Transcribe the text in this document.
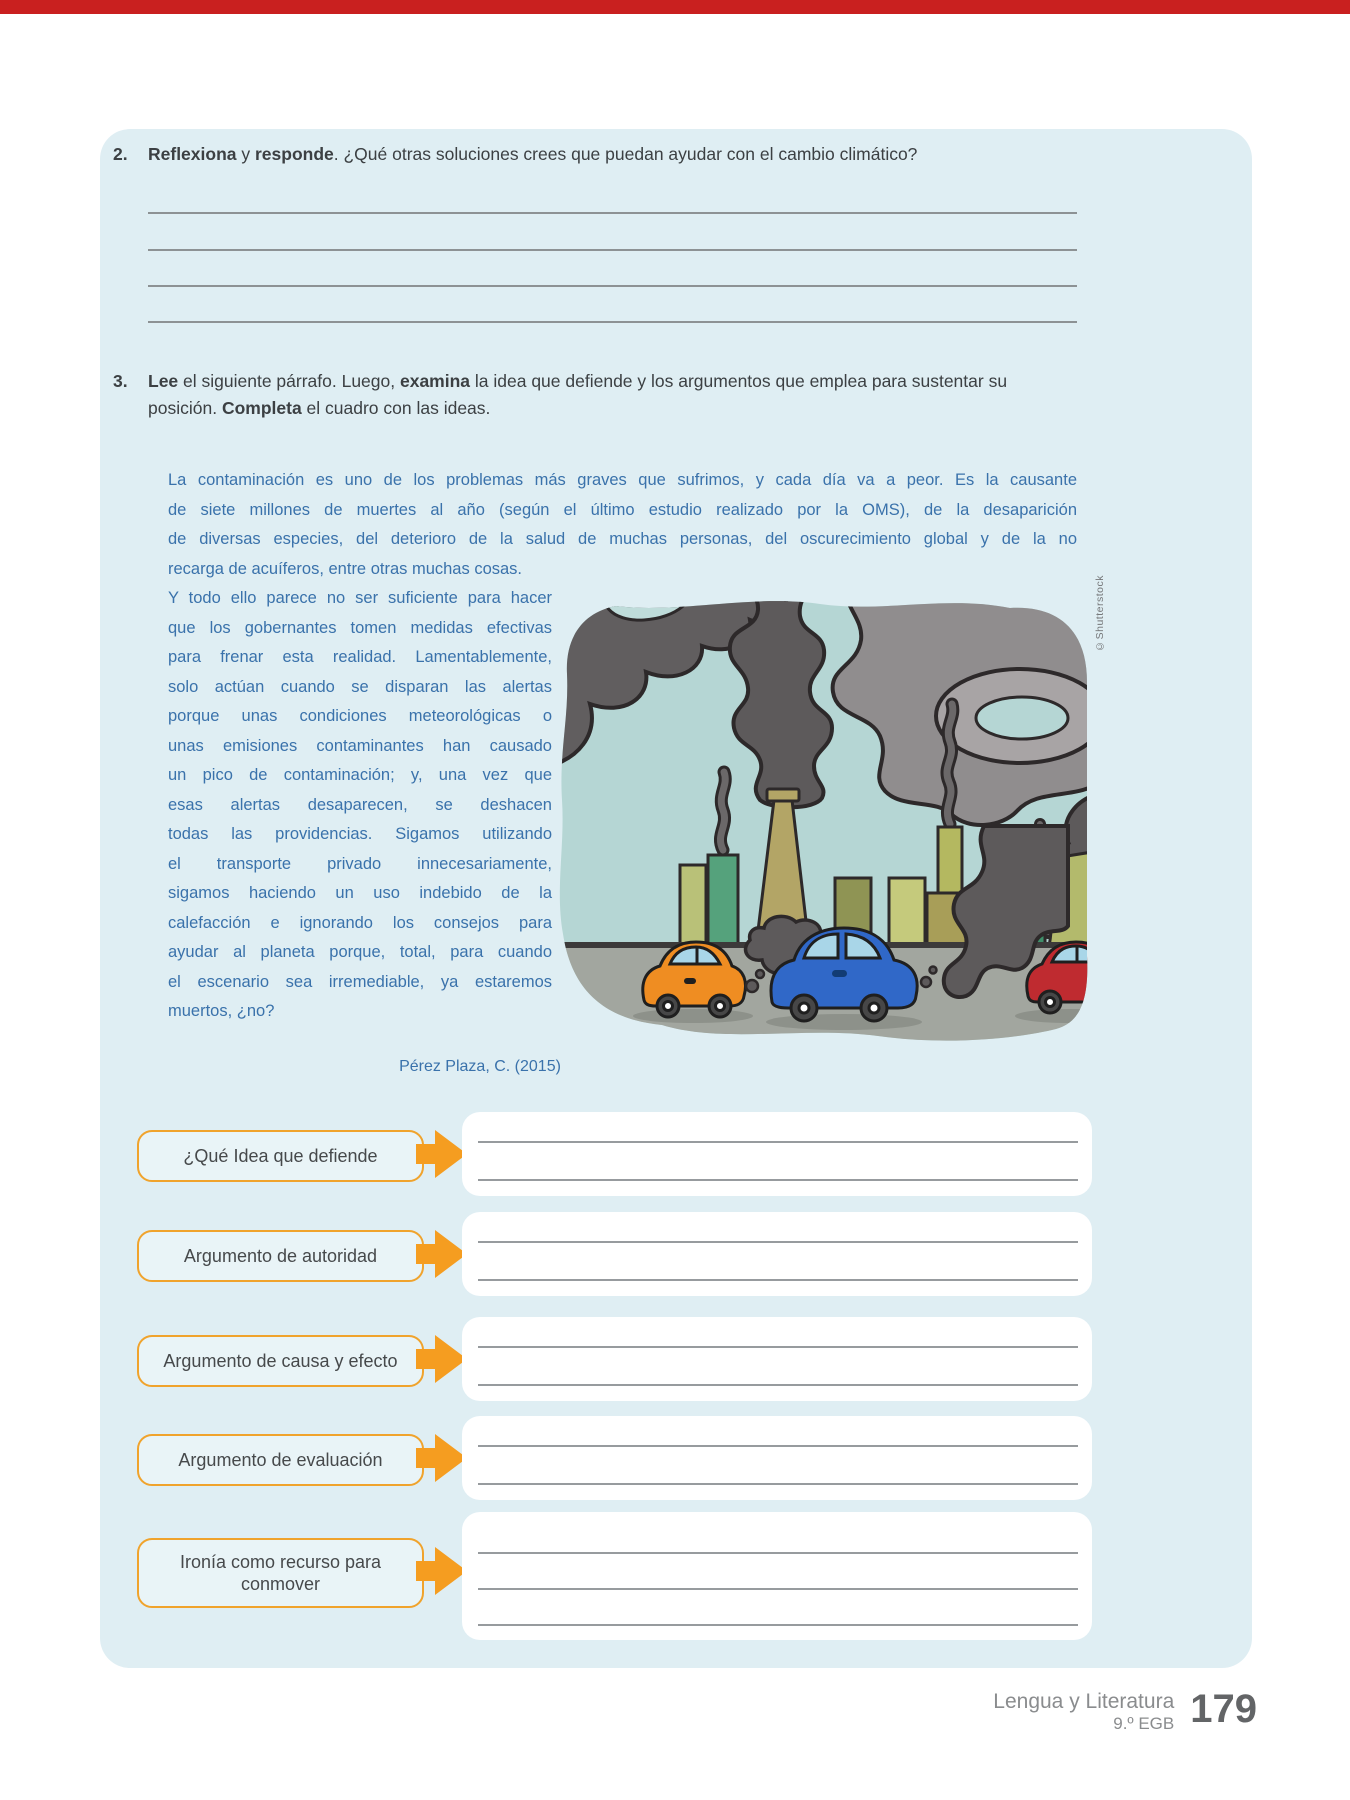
2.	Reflexiona y responde. ¿Qué otras soluciones crees que puedan ayudar con el cambio climático?
3.	Lee el siguiente párrafo. Luego, examina la idea que defiende y los argumentos que emplea para sustentar su posición. Completa el cuadro con las ideas.
La contaminación es uno de los problemas más graves que sufrimos, y cada día va a peor. Es la causante
de siete millones de muertes al año (según el último estudio realizado por la OMS), de la desaparición
de diversas especies, del deterioro de la salud de muchas personas, del oscurecimiento global y de la no
recarga de acuíferos, entre otras muchas cosas.
Y todo ello parece no ser suficiente para hacer
que los gobernantes tomen medidas efectivas
para frenar esta realidad. Lamentablemente,
solo actúan cuando se disparan las alertas
porque unas condiciones meteorológicas o
unas emisiones contaminantes han causado
un pico de contaminación; y, una vez que
esas alertas desaparecen, se deshacen
todas las providencias. Sigamos utilizando
el transporte privado innecesariamente,
sigamos haciendo un uso indebido de la
calefacción e ignorando los consejos para
ayudar al planeta porque, total, para cuando
el escenario sea irremediable, ya estaremos
muertos, ¿no?
Pérez Plaza, C. (2015)
©Shutterstock
¿Qué Idea que defiende
Argumento de autoridad
Argumento de causa y efecto
Argumento de evaluación
Ironía como recurso para conmover
Lengua y Literatura
9.º EGB 179
